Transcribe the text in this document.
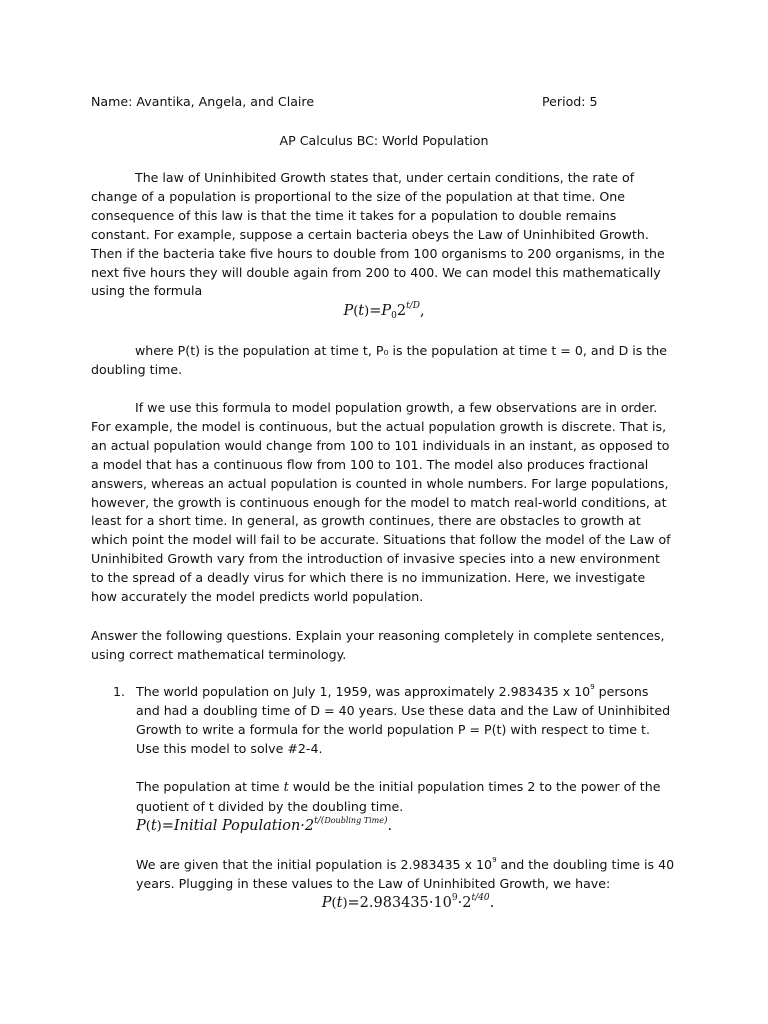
Name: Avantika, Angela, and Claire	Period: 5
AP Calculus BC: World Population

The law of Uninhibited Growth states that, under certain conditions, the rate of change of a population is proportional to the size of the population at that time. One consequence of this law is that the time it takes for a population to double remains constant. For example, suppose a certain bacteria obeys the Law of Uninhibited Growth. Then if the bacteria take five hours to double from 100 organisms to 200 organisms, in the next five hours they will double again from 200 to 400. We can model this mathematically using the formula

$P(t)=P_02^{t/D}$,

where P(t) is the population at time t, P₀ is the population at time t = 0, and D is the doubling time.

If we use this formula to model population growth, a few observations are in order. For example, the model is continuous, but the actual population growth is discrete. That is, an actual population would change from 100 to 101 individuals in an instant, as opposed to a model that has a continuous flow from 100 to 101. The model also produces fractional answers, whereas an actual population is counted in whole numbers. For large populations, however, the growth is continuous enough for the model to match real-world conditions, at least for a short time. In general, as growth continues, there are obstacles to growth at which point the model will fail to be accurate. Situations that follow the model of the Law of Uninhibited Growth vary from the introduction of invasive species into a new environment to the spread of a deadly virus for which there is no immunization. Here, we investigate how accurately the model predicts world population.

Answer the following questions. Explain your reasoning completely in complete sentences, using correct mathematical terminology.

1. The world population on July 1, 1959, was approximately 2.983435 x $10^9$ persons and had a doubling time of D = 40 years. Use these data and the Law of Uninhibited Growth to write a formula for the world population P = P(t) with respect to time t. Use this model to solve #2-4.

The population at time t would be the initial population times 2 to the power of the quotient of t divided by the doubling time.

P(t)=Initial $Population\cdot 2^{t/(Doubling Time)}$.

We are given that the initial population is 2.983435 x $10^9$ and the doubling time is 40 years. Plugging in these values to the Law of Uninhibited Growth, we have:

$P(t)=2.983435\cdot 10^9\cdot 2^{t/40}$.
